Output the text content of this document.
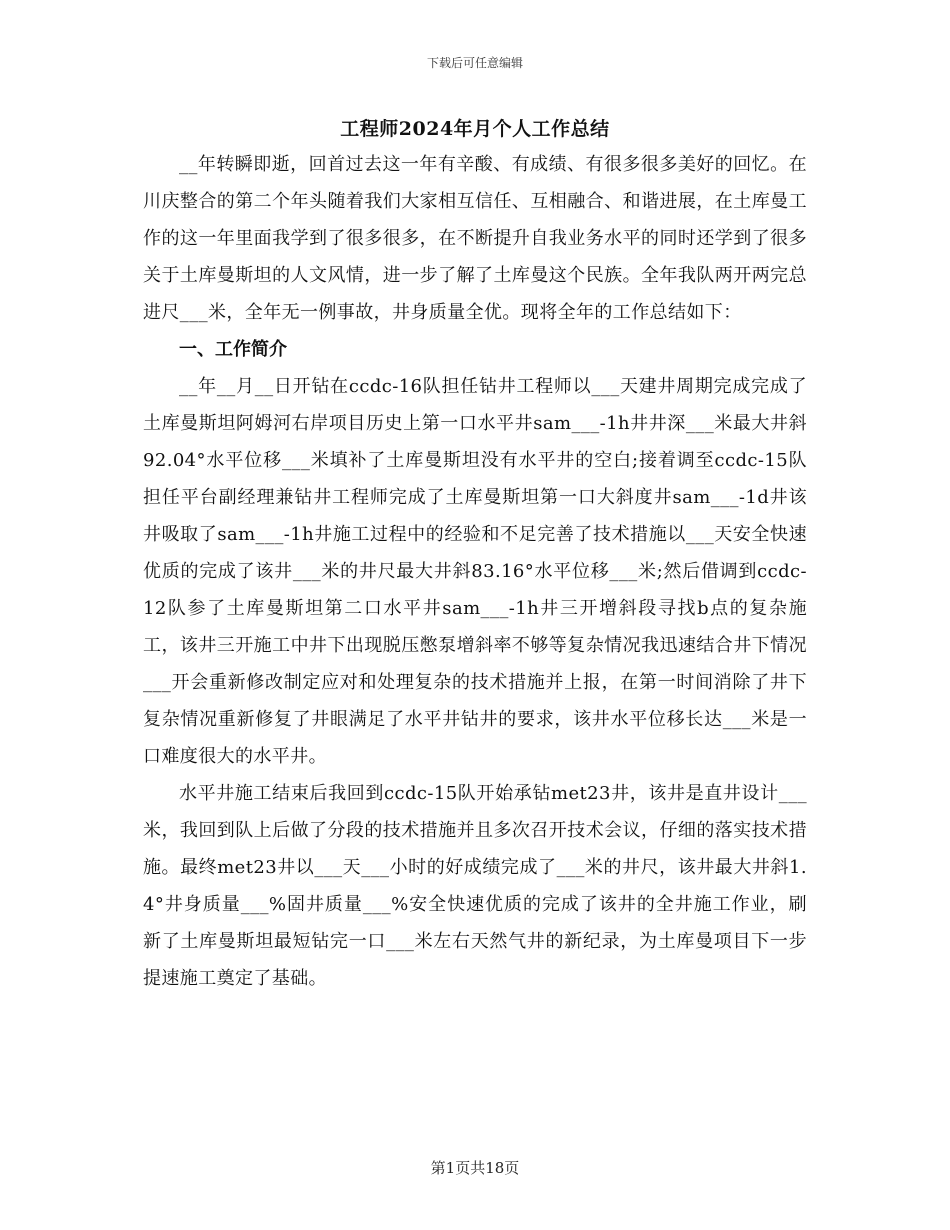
下载后可任意编辑
工程师2024年月个人工作总结

__年转瞬即逝，回首过去这一年有辛酸、有成绩、有很多很多美好的回忆。在川庆整合的第二个年头随着我们大家相互信任、互相融合、和谐进展，在土库曼工作的这一年里面我学到了很多很多，在不断提升自我业务水平的同时还学到了很多关于土库曼斯坦的人文风情，进一步了解了土库曼这个民族。全年我队两开两完总进尺___米，全年无一例事故，井身质量全优。现将全年的工作总结如下：

一、工作简介

__年__月__日开钻在ccdc-16队担任钻井工程师以___天建井周期完成完成了土库曼斯坦阿姆河右岸项目历史上第一口水平井sam___-1h井井深___米最大井斜92.04°水平位移___米填补了土库曼斯坦没有水平井的空白;接着调至ccdc-15队担任平台副经理兼钻井工程师完成了土库曼斯坦第一口大斜度井sam___-1d井该井吸取了sam___-1h井施工过程中的经验和不足完善了技术措施以___天安全快速优质的完成了该井___米的井尺最大井斜83.16°水平位移___米;然后借调到ccdc-12队参了土库曼斯坦第二口水平井sam___-1h井三开增斜段寻找b点的复杂施工，该井三开施工中井下出现脱压憋泵增斜率不够等复杂情况我迅速结合井下情况___开会重新修改制定应对和处理复杂的技术措施并上报，在第一时间消除了井下复杂情况重新修复了井眼满足了水平井钻井的要求，该井水平位移长达___米是一口难度很大的水平井。

水平井施工结束后我回到ccdc-15队开始承钻met23井，该井是直井设计___米，我回到队上后做了分段的技术措施并且多次召开技术会议，仔细的落实技术措施。最终met23井以___天___小时的好成绩完成了___米的井尺，该井最大井斜1.4°井身质量___%固井质量___%安全快速优质的完成了该井的全井施工作业，刷新了土库曼斯坦最短钻完一口___米左右天然气井的新纪录，为土库曼项目下一步提速施工奠定了基础。

第1页共18页
